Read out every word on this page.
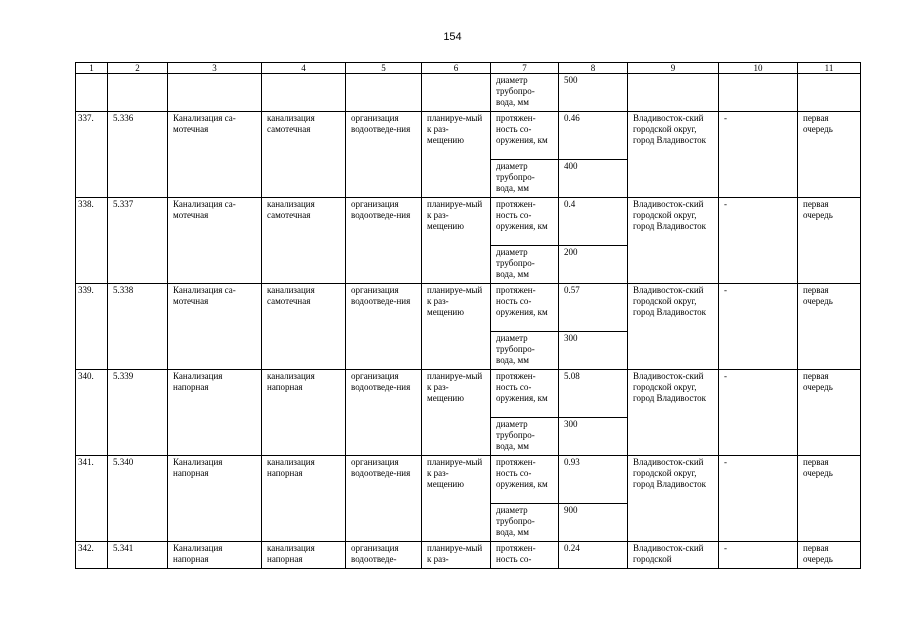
154
1	2	3	4	5	6	7	8	9	10	11
						диаметр трубопро-вода, мм	500			
337.	5.336	Канализация са-мотечная	канализация самотечная	организация водоотведе-ния	планируе-мый к раз-мещению	протяжен-ность со-оружения, км	0.46	Владивосток-ский городской округ, город Владивосток	-	первая очередь
						диаметр трубопро-вода, мм	400			
338.	5.337	Канализация са-мотечная	канализация самотечная	организация водоотведе-ния	планируе-мый к раз-мещению	протяжен-ность со-оружения, км	0.4	Владивосток-ский городской округ, город Владивосток	-	первая очередь
						диаметр трубопро-вода, мм	200			
339.	5.338	Канализация са-мотечная	канализация самотечная	организация водоотведе-ния	планируе-мый к раз-мещению	протяжен-ность со-оружения, км	0.57	Владивосток-ский городской округ, город Владивосток	-	первая очередь
						диаметр трубопро-вода, мм	300			
340.	5.339	Канализация напорная	канализация напорная	организация водоотведе-ния	планируе-мый к раз-мещению	протяжен-ность со-оружения, км	5.08	Владивосток-ский городской округ, город Владивосток	-	первая очередь
						диаметр трубопро-вода, мм	300			
341.	5.340	Канализация напорная	канализация напорная	организация водоотведе-ния	планируе-мый к раз-мещению	протяжен-ность со-оружения, км	0.93	Владивосток-ский городской округ, город Владивосток	-	первая очередь
						диаметр трубопро-вода, мм	900			
342.	5.341	Канализация напорная	канализация напорная	организация водоотведе-	планируе-мый к раз-	протяжен-ность со-	0.24	Владивосток-ский городской	-	первая очередь
